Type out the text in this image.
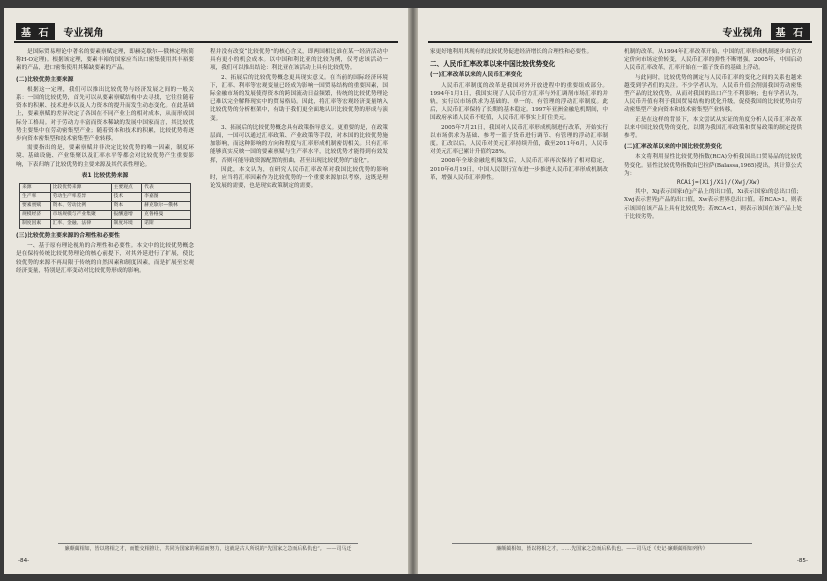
基 石	专业视角

是国际贸易理论中著名的要素禀赋定理，即赫克歇尔—俄林定理(简称H-O定理)。根据该定理，要素丰裕的国家应当出口密集使用其丰裕要素的产品，进口密集使用其稀缺要素的产品。

(二)比较优势主要来源

根据这一定理，我们可以推出比较优势与经济发展之间的一般关系：一国的比较优势，首先可以从要素禀赋结构中去寻找，它往往随着资本的积累、技术进步以及人力资本的提升而发生动态变化。在此基础上，要素禀赋的差异决定了各国在不同产业上的相对成本，从而形成国际分工格局。对于劳动力丰富而资本稀缺的发展中国家而言，其比较优势主要集中在劳动密集型产业；随着资本和技术的积累，比较优势将逐步向资本密集型和技术密集型产业转移。

需要指出的是，要素禀赋并非决定比较优势的唯一因素，制度环境、基础设施、产业集聚以及汇率水平等都会对比较优势产生重要影响，下表归纳了比较优势的主要来源及其代表性理论。

表1 比较优势来源

来源	比较优势来源	主要观点	代表
生产率	劳动生产率差异	技术	李嘉图
要素禀赋	资本、劳动比例	资本	赫克歇尔—俄林
规模经济	市场规模与产业集聚	报酬递增	克鲁格曼
制度因素	汇率、金融、法律	制度环境	诺斯

(三)比较优势主要来源的合理性和必要性

一、基于原有理论视角的合理性和必要性。本文中的比较优势概念是在保持传统比较优势理论的核心前提下，对其外延进行了扩展，使比较优势的来源不再局限于传统的自然因素和制度因素，而是扩展至宏观经济变量，特别是汇率变动对比较优势形成的影响。

程并没有改变“比较优势”的核心含义，即两国相比谁在某一经济活动中具有更小的机会成本。以中国和利比亚的比较为例，仅考虑该活动一项，我们可以推出结论：利比亚在该活动上具有比较优势。

2、拓展后的比较优势概念更具现实意义。在当前的国际经济环境下，汇率、利率等宏观变量已经成为影响一国贸易结构的重要因素，国际金融市场的发展使得资本的跨国流动日益频繁，传统的比较优势理论已难以完全解释现实中的贸易格局。因此，将汇率等宏观经济变量纳入比较优势的分析框架中，有助于我们更全面地认识比较优势的形成与演变。

3、拓展后的比较优势概念具有政策指导意义。更重要的是，在政策层面，一国可以通过汇率政策、产业政策等手段，对本国的比较优势施加影响，而这种影响的方向和程度与汇率形成机制密切相关。只有汇率能够真实反映一国的要素禀赋与生产率水平，比较优势才能得到有效发挥，否则可能导致资源配置的扭曲，甚至出现比较优势的“虚化”。

因此，本文认为，在研究人民币汇率改革对我国比较优势的影响时，应当将汇率因素作为比较优势的一个重要来源加以考察，这既是理论发展的需要，也是现实政策制定的需要。

-84-
廉颇蔺相如，皆以将相之才，而能交相推让，共同为国家的利益而努力，这就是古人所说的“先国家之急而后私仇也”。 ——司马迁
专业视角	基 石

家更好地利用其现有的比较优势促进经济增长的合理性和必要性。

二、人民币汇率改革以来中国比较优势变化

(一)汇率改革以来的人民币汇率变化

人民币汇率制度的改革是我国对外开放进程中的重要组成部分。1994年1月1日，我国实现了人民币官方汇率与外汇调剂市场汇率的并轨，实行以市场供求为基础的、单一的、有管理的浮动汇率制度。此后，人民币汇率保持了长期的基本稳定。1997年亚洲金融危机期间，中国政府承诺人民币不贬值，人民币汇率事实上盯住美元。

2005年7月21日，我国对人民币汇率形成机制进行改革，开始实行以市场供求为基础、参考一篮子货币进行调节、有管理的浮动汇率制度。汇改以后，人民币对美元汇率持续升值，截至2011年6月，人民币对美元汇率已累计升值约28%。

2008年全球金融危机爆发后，人民币汇率再次保持了相对稳定，2010年6月19日，中国人民银行宣布进一步推进人民币汇率形成机制改革，增强人民币汇率弹性。

机制的改革。从1994年汇率改革开始，中国的汇率形成机制逐步由官方定价向市场定价转变，人民币汇率的弹性不断增强。2005年，中国启动人民币汇率改革，汇率开始在一篮子货币的基础上浮动。

与此同时，比较优势的测定与人民币汇率的变化之间的关系也越来越受到学者们的关注。不少学者认为，人民币升值会削弱我国劳动密集型产品的比较优势，从而对我国的出口产生不利影响；也有学者认为，人民币升值有利于我国贸易结构的优化升级，促使我国的比较优势由劳动密集型产业向资本和技术密集型产业转移。

正是在这样的背景下，本文尝试从实证的角度分析人民币汇率改革以来中国比较优势的变化，以期为我国汇率政策和贸易政策的制定提供参考。

(二)汇率改革以来的中国比较优势变化

本文将利用显性比较优势指数(RCA)分析我国出口贸易品的比较优势变化。显性比较优势指数由巴拉萨(Balassa,1965)提出，其计算公式为：

RCAij=(Xij/Xi)/(Xwj/Xw)

其中，Xij表示国家i在j产品上的出口值，Xi表示国家i的总出口值；Xwj表示世界j产品的出口值，Xw表示世界总出口值。若RCA>1，则表示该国在该产品上具有比较优势；若RCA<1，则表示该国在该产品上处于比较劣势。

廉颇蔺相如，皆以将相之才，……先国家之急而后私仇也。——司马迁《史记·廉颇蔺相如列传》
-85-
